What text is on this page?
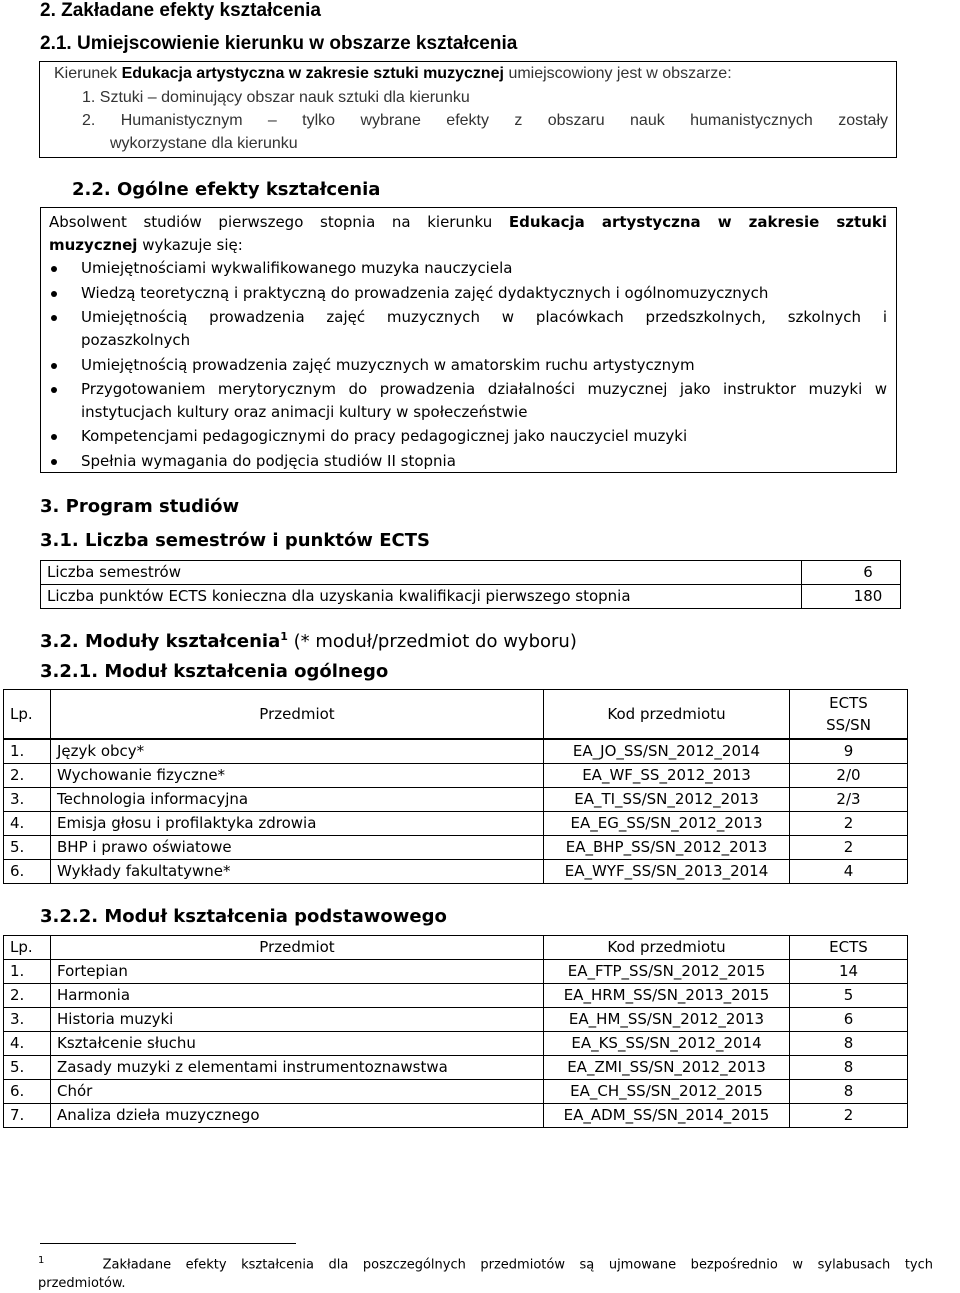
2. Zakładane efekty kształcenia
2.1. Umiejscowienie kierunku w obszarze kształcenia
Kierunek Edukacja artystyczna w zakresie sztuki muzycznej umiejscowiony jest w obszarze:
1. Sztuki – dominujący obszar nauk sztuki dla kierunku
2. Humanistycznym – tylko wybrane efekty z obszaru nauk humanistycznych zostały
wykorzystane dla kierunku
2.2. Ogólne efekty kształcenia
Absolwent studiów pierwszego stopnia na kierunku Edukacja artystyczna w zakresie sztuki
muzycznej wykazuje się:
Umiejętnościami wykwalifikowanego muzyka nauczyciela
Wiedzą teoretyczną i praktyczną do prowadzenia zajęć dydaktycznych i ogólnomuzycznych
Umiejętnością prowadzenia zajęć muzycznych w placówkach przedszkolnych, szkolnych i
pozaszkolnych
Umiejętnością prowadzenia zajęć muzycznych w amatorskim ruchu artystycznym
Przygotowaniem merytorycznym do prowadzenia działalności muzycznej jako instruktor muzyki w
instytucjach kultury oraz animacji kultury w społeczeństwie
Kompetencjami pedagogicznymi do pracy pedagogicznej jako nauczyciel muzyki
Spełnia wymagania do podjęcia studiów II stopnia
3. Program studiów
3.1. Liczba semestrów i punktów ECTS
Liczba semestrów	6
Liczba punktów ECTS konieczna dla uzyskania kwalifikacji pierwszego stopnia	180
3.2. Moduły kształcenia$^1$ (* moduł/przedmiot do wyboru)
3.2.1. Moduł kształcenia ogólnego
Lp.	Przedmiot	Kod przedmiotu	ECTS
SS/SN
1.	Język obcy*	EA_JO_SS/SN_2012_2014	9
2.	Wychowanie fizyczne*	EA_WF_SS_2012_2013	2/0
3.	Technologia informacyjna	EA_TI_SS/SN_2012_2013	2/3
4.	Emisja głosu i profilaktyka zdrowia	EA_EG_SS/SN_2012_2013	2
5.	BHP i prawo oświatowe	EA_BHP_SS/SN_2012_2013	2
6.	Wykłady fakultatywne*	EA_WYF_SS/SN_2013_2014	4
3.2.2. Moduł kształcenia podstawowego
Lp.	Przedmiot	Kod przedmiotu	ECTS
1.	Fortepian	EA_FTP_SS/SN_2012_2015	14
2.	Harmonia	EA_HRM_SS/SN_2013_2015	5
3.	Historia muzyki	EA_HM_SS/SN_2012_2013	6
4.	Kształcenie słuchu	EA_KS_SS/SN_2012_2014	8
5.	Zasady muzyki z elementami instrumentoznawstwa	EA_ZMI_SS/SN_2012_2013	8
6.	Chór	EA_CH_SS/SN_2012_2015	8
7.	Analiza dzieła muzycznego	EA_ADM_SS/SN_2014_2015	2
$^1$	Zakładane efekty kształcenia dla poszczególnych przedmiotów są ujmowane bezpośrednio w sylabusach tych
przedmiotów.
